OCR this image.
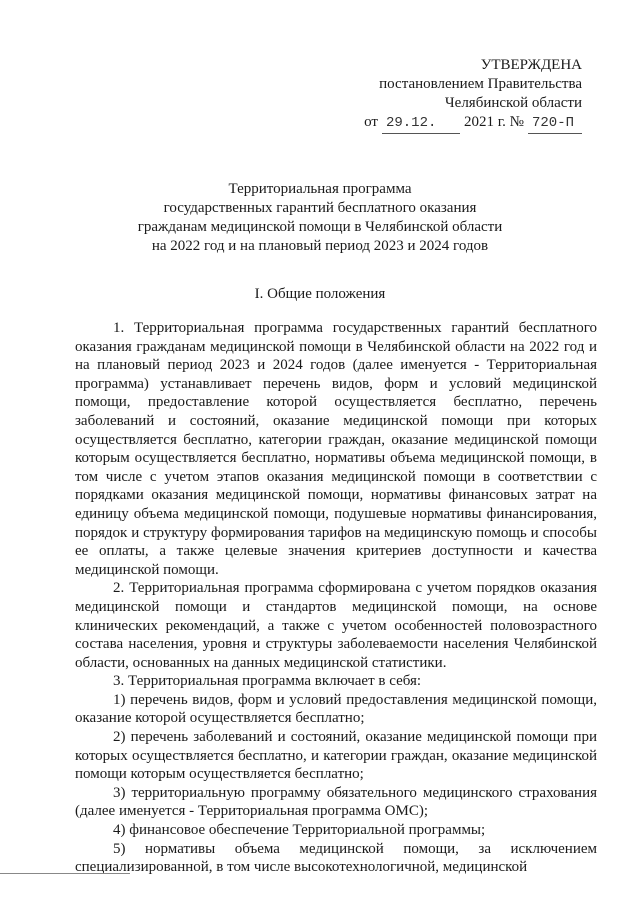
УТВЕРЖДЕНА
постановлением Правительства
Челябинской области
от 29.12.	2021 г. № 720-П
Территориальная программа
государственных гарантий бесплатного оказания
гражданам медицинской помощи в Челябинской области
на 2022 год и на плановый период 2023 и 2024 годов
I. Общие положения

1. Территориальная программа государственных гарантий бесплатного оказания гражданам медицинской помощи в Челябинской области на 2022 год и на плановый период 2023 и 2024 годов (далее именуется - Территориальная программа) устанавливает перечень видов, форм и условий медицинской помощи, предоставление которой осуществляется бесплатно, перечень заболеваний и состояний, оказание медицинской помощи при которых осуществляется бесплатно, категории граждан, оказание медицинской помощи которым осуществляется бесплатно, нормативы объема медицинской помощи, в том числе с учетом этапов оказания медицинской помощи в соответствии с порядками оказания медицинской помощи, нормативы финансовых затрат на единицу объема медицинской помощи, подушевые нормативы финансирования, порядок и структуру формирования тарифов на медицинскую помощь и способы ее оплаты, а также целевые значения критериев доступности и качества медицинской помощи.

2. Территориальная программа сформирована с учетом порядков оказания медицинской помощи и стандартов медицинской помощи, на основе клинических рекомендаций, а также с учетом особенностей половозрастного состава населения, уровня и структуры заболеваемости населения Челябинской области, основанных на данных медицинской статистики.

3. Территориальная программа включает в себя:

1) перечень видов, форм и условий предоставления медицинской помощи, оказание которой осуществляется бесплатно;

2) перечень заболеваний и состояний, оказание медицинской помощи при которых осуществляется бесплатно, и категории граждан, оказание медицинской помощи которым осуществляется бесплатно;

3) территориальную программу обязательного медицинского страхования (далее именуется - Территориальная программа ОМС);

4) финансовое обеспечение Территориальной программы;

5) нормативы объема медицинской помощи, за исключением специализированной, в том числе высокотехнологичной, медицинской
